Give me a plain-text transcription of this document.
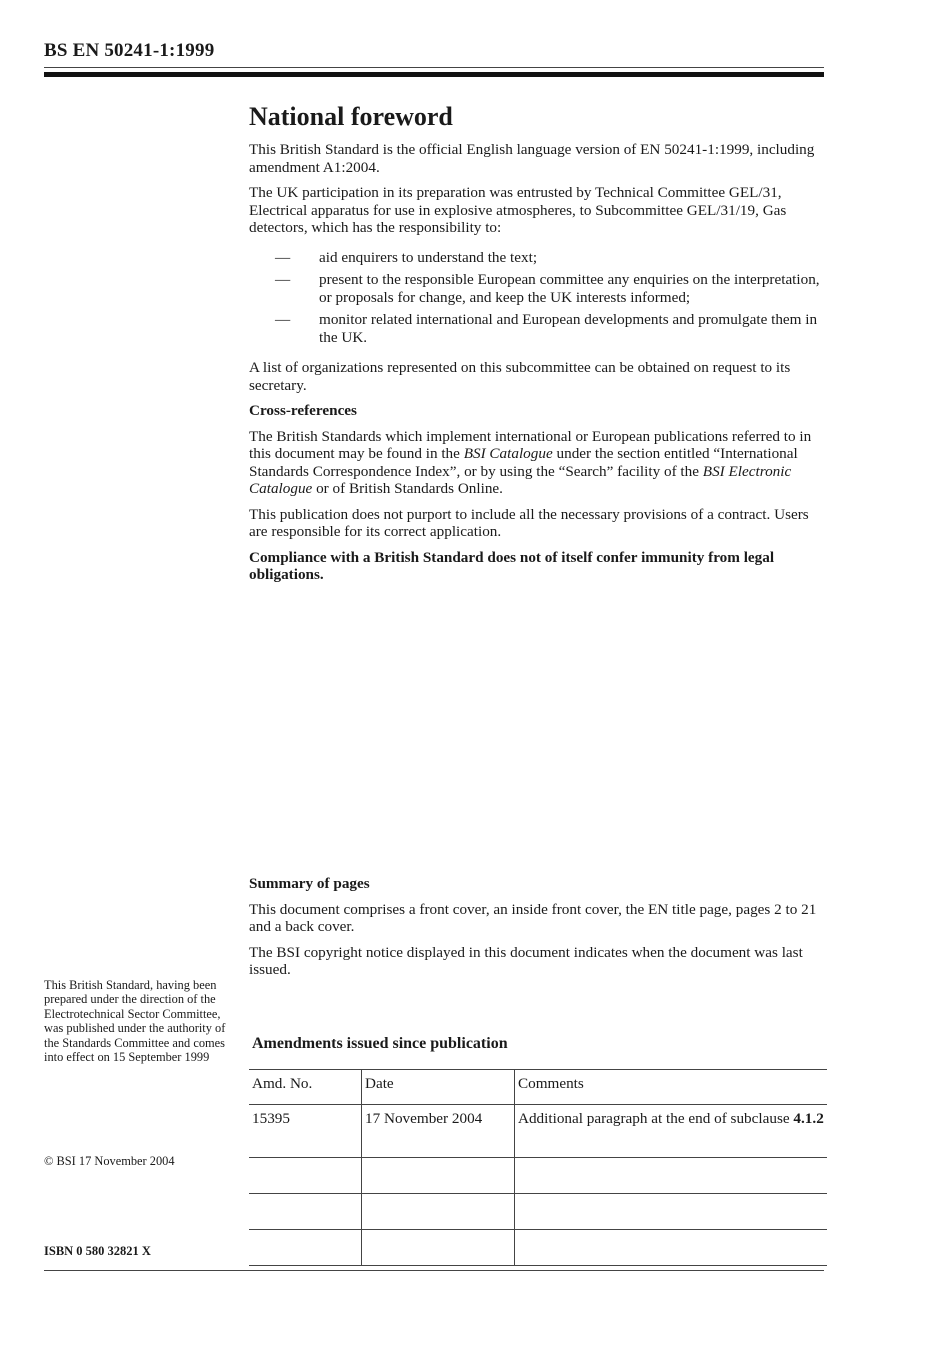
BS EN 50241-1:1999
National foreword

This British Standard is the official English language version of EN 50241-1:1999, including amendment A1:2004.

The UK participation in its preparation was entrusted by Technical Committee GEL/31, Electrical apparatus for use in explosive atmospheres, to Subcommittee GEL/31/19, Gas detectors, which has the responsibility to:

— aid enquirers to understand the text;
— present to the responsible European committee any enquiries on the interpretation, or proposals for change, and keep the UK interests informed;
— monitor related international and European developments and promulgate them in the UK.

A list of organizations represented on this subcommittee can be obtained on request to its secretary.

Cross-references

The British Standards which implement international or European publications referred to in this document may be found in the BSI Catalogue under the section entitled “International Standards Correspondence Index”, or by using the “Search” facility of the BSI Electronic Catalogue or of British Standards Online.

This publication does not purport to include all the necessary provisions of a contract. Users are responsible for its correct application.

Compliance with a British Standard does not of itself confer immunity from legal obligations.

Summary of pages

This document comprises a front cover, an inside front cover, the EN title page, pages 2 to 21 and a back cover.

The BSI copyright notice displayed in this document indicates when the document was last issued.

This British Standard, having been prepared under the direction of the Electrotechnical Sector Committee, was published under the authority of the Standards Committee and comes into effect on 15 September 1999
© BSI 17 November 2004
ISBN 0 580 32821 X
Amendments issued since publication
Amd. No.	Date	Comments
15395	17 November 2004	Additional paragraph at the end of subclause 4.1.2
